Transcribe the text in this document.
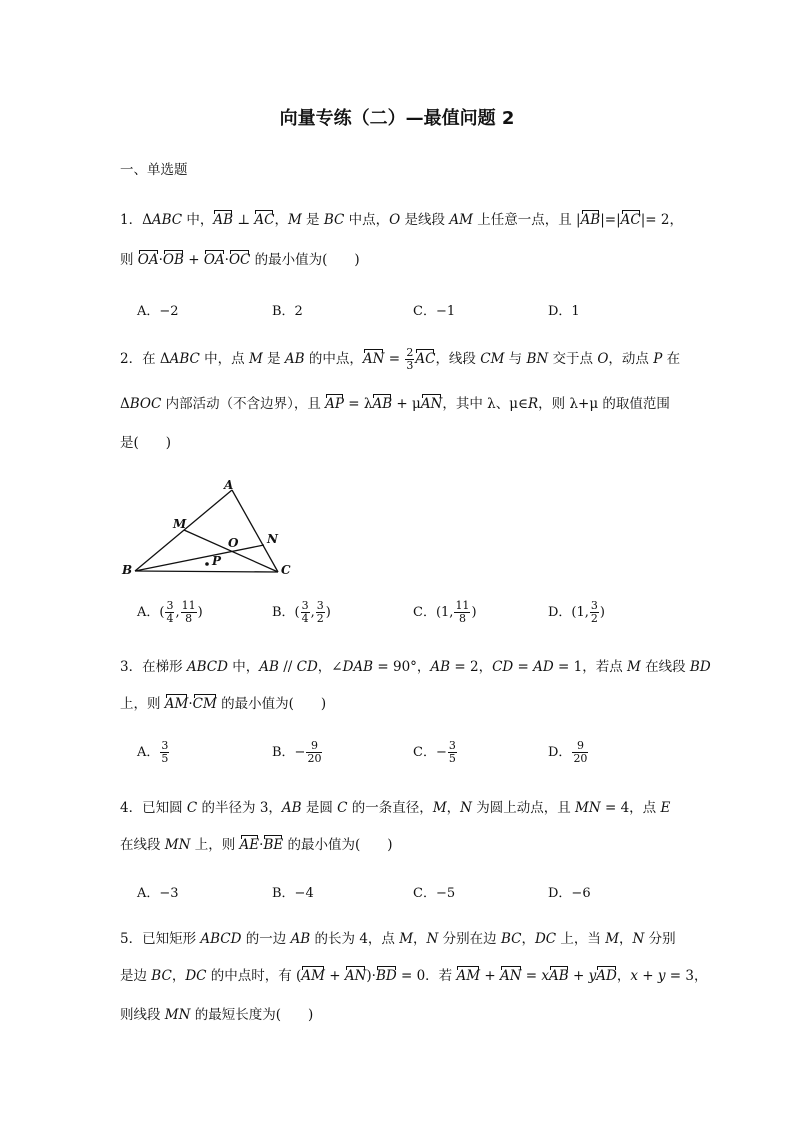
向量专练（二）—最值问题 2
一、单选题
1．ΔABC 中，AB ⊥ AC，M 是 BC 中点，O 是线段 AM 上任意一点，且 |AB|=|AC|= 2，
则 OA·OB + OA·OC 的最小值为(　　)
A．−2	B．2	C．−1	D．1
2．在 ΔABC 中，点 M 是 AB 的中点，AN = $\frac{2}{3}$ AC，线段 CM 与 BN 交于点 O，动点 P 在
ΔBOC 内部活动（不含边界），且 AP = λAB + μAN，其中 λ、μ∈R，则 λ+μ 的取值范围
是(　　)
A
B	C
M
N
O
P
A．( $\frac{3}{4}$ , $\frac{11}{8}$ )	B．( $\frac{3}{4}$ , $\frac{3}{2}$ )	C．(1, $\frac{11}{8}$ )	D．(1, $\frac{3}{2}$ )
3．在梯形 ABCD 中，AB // CD，∠DAB = 90°，AB = 2，CD = AD = 1，若点 M 在线段 BD
上，则 AM·CM 的最小值为(　　)
A． $\frac{3}{5}$	B．− $\frac{9}{20}$	C．− $\frac{3}{5}$	D． $\frac{9}{20}$
4．已知圆 C 的半径为 3，AB 是圆 C 的一条直径，M，N 为圆上动点，且 MN = 4，点 E
在线段 MN 上，则 AE·BE 的最小值为(　　)
A．−3	B．−4	C．−5	D．−6
5．已知矩形 ABCD 的一边 AB 的长为 4，点 M，N 分别在边 BC，DC 上，当 M，N 分别
是边 BC，DC 的中点时，有 (AM + AN)·BD = 0．若 AM + AN = xAB + yAD，x + y = 3，
则线段 MN 的最短长度为(　　)
